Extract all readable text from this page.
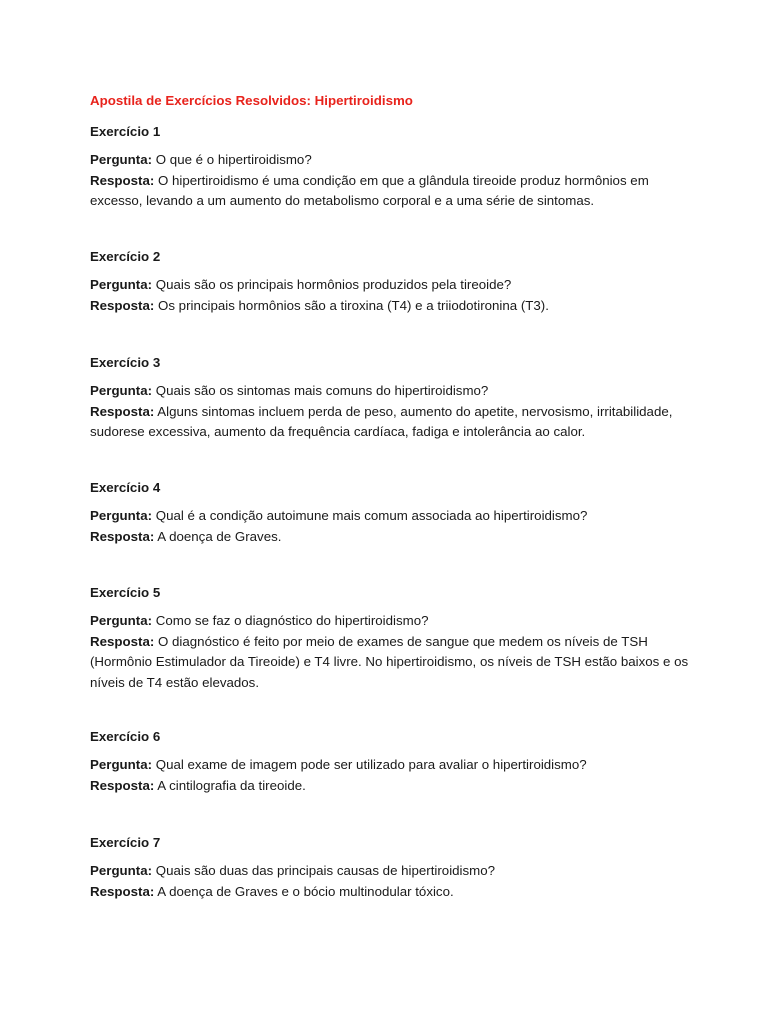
Apostila de Exercícios Resolvidos: Hipertiroidismo
Exercício 1
Pergunta: O que é o hipertiroidismo?
Resposta: O hipertiroidismo é uma condição em que a glândula tireoide produz hormônios em excesso, levando a um aumento do metabolismo corporal e a uma série de sintomas.
Exercício 2
Pergunta: Quais são os principais hormônios produzidos pela tireoide?
Resposta: Os principais hormônios são a tiroxina (T4) e a triiodotironina (T3).
Exercício 3
Pergunta: Quais são os sintomas mais comuns do hipertiroidismo?
Resposta: Alguns sintomas incluem perda de peso, aumento do apetite, nervosismo, irritabilidade, sudorese excessiva, aumento da frequência cardíaca, fadiga e intolerância ao calor.
Exercício 4
Pergunta: Qual é a condição autoimune mais comum associada ao hipertiroidismo?
Resposta: A doença de Graves.
Exercício 5
Pergunta: Como se faz o diagnóstico do hipertiroidismo?
Resposta: O diagnóstico é feito por meio de exames de sangue que medem os níveis de TSH (Hormônio Estimulador da Tireoide) e T4 livre. No hipertiroidismo, os níveis de TSH estão baixos e os níveis de T4 estão elevados.
Exercício 6
Pergunta: Qual exame de imagem pode ser utilizado para avaliar o hipertiroidismo?
Resposta: A cintilografia da tireoide.
Exercício 7
Pergunta: Quais são duas das principais causas de hipertiroidismo?
Resposta: A doença de Graves e o bócio multinodular tóxico.
